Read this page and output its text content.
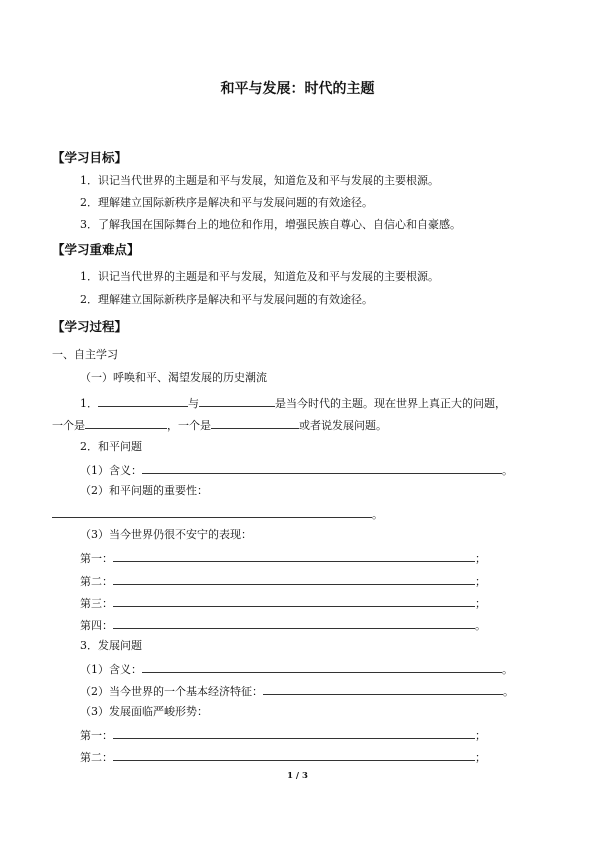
和平与发展：时代的主题
【学习目标】
1．识记当代世界的主题是和平与发展，知道危及和平与发展的主要根源。
2．理解建立国际新秩序是解决和平与发展问题的有效途径。
3．了解我国在国际舞台上的地位和作用，增强民族自尊心、自信心和自豪感。
【学习重难点】
1．识记当代世界的主题是和平与发展，知道危及和平与发展的主要根源。
2．理解建立国际新秩序是解决和平与发展问题的有效途径。
【学习过程】
一、自主学习
（一）呼唤和平、渴望发展的历史潮流
1．	与	是当今时代的主题。现在世界上真正大的问题，
一个是	，一个是	或者说发展问题。
2．和平问题
（1）含义：	。
（2）和平问题的重要性：
。
（3）当今世界仍很不安宁的表现：
第一：	；
第二：	；
第三：	；
第四：	。
3．发展问题
（1）含义：	。
（2）当今世界的一个基本经济特征：	。
（3）发展面临严峻形势：
第一：	；
第二：	；
1 / 3
